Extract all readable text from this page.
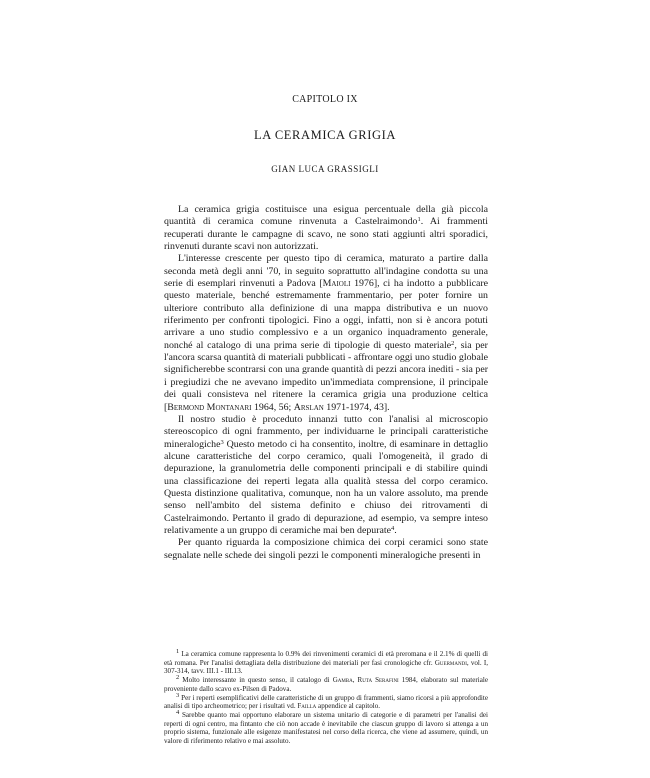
CAPITOLO IX
LA CERAMICA GRIGIA
GIAN LUCA GRASSIGLI

La ceramica grigia costituisce una esigua percentuale della già piccola quantità di ceramica comune rinvenuta a Castelraimondo$^1$. Ai frammenti recuperati durante le campagne di scavo, ne sono stati aggiunti altri sporadici, rinvenuti durante scavi non autorizzati.

L'interesse crescente per questo tipo di ceramica, maturato a partire dalla seconda metà degli anni '70, in seguito soprattutto all'indagine condotta su una serie di esemplari rinvenuti a Padova [Maioli 1976], ci ha indotto a pubblicare questo materiale, benché estremamente frammentario, per poter fornire un ulteriore contributo alla definizione di una mappa distributiva e un nuovo riferimento per confronti tipologici. Fino a oggi, infatti, non si è ancora potuti arrivare a uno studio complessivo e a un organico inquadramento generale, nonché al catalogo di una prima serie di tipologie di questo materiale$^2$, sia per l'ancora scarsa quantità di materiali pubblicati - affrontare oggi uno studio globale significherebbe scontrarsi con una grande quantità di pezzi ancora inediti - sia per i pregiudizi che ne avevano impedito un'immediata comprensione, il principale dei quali consisteva nel ritenere la ceramica grigia una produzione celtica [Bermond Montanari 1964, 56; Arslan 1971-1974, 43].

Il nostro studio è proceduto innanzi tutto con l'analisi al microscopio stereoscopico di ogni frammento, per individuarne le principali caratteristiche mineralogiche$^3$ Questo metodo ci ha consentito, inoltre, di esaminare in dettaglio alcune caratteristiche del corpo ceramico, quali l'omogeneità, il grado di depurazione, la granulometria delle componenti principali e di stabilire quindi una classificazione dei reperti legata alla qualità stessa del corpo ceramico. Questa distinzione qualitativa, comunque, non ha un valore assoluto, ma prende senso nell'ambito del sistema definito e chiuso dei ritrovamenti di Castelraimondo. Pertanto il grado di depurazione, ad esempio, va sempre inteso relativamente a un gruppo di ceramiche mai ben depurate$^4$.

Per quanto riguarda la composizione chimica dei corpi ceramici sono state segnalate nelle schede dei singoli pezzi le componenti mineralogiche presenti in

$^1$ La ceramica comune rappresenta lo 0.9% dei rinvenimenti ceramici di età preromana e il 2.1% di quelli di età romana. Per l'analisi dettagliata della distribuzione dei materiali per fasi cronologiche cfr. Guermandi, vol. I, 307-314, tavv. III.1 - III.13.

$^2$ Molto interessante in questo senso, il catalogo di Gamba, Ruta Serafini 1984, elaborato sul materiale proveniente dallo scavo ex-Pilsen di Padova.

$^3$ Per i reperti esemplificativi delle caratteristiche di un gruppo di frammenti, siamo ricorsi a più approfondite analisi di tipo archeometrico; per i risultati vd. Failla appendice al capitolo.

$^4$ Sarebbe quanto mai opportuno elaborare un sistema unitario di categorie e di parametri per l'analisi dei reperti di ogni centro, ma fintanto che ciò non accade è inevitabile che ciascun gruppo di lavoro si attenga a un proprio sistema, funzionale alle esigenze manifestatesi nel corso della ricerca, che viene ad assumere, quindi, un valore di riferimento relativo e mai assoluto.
